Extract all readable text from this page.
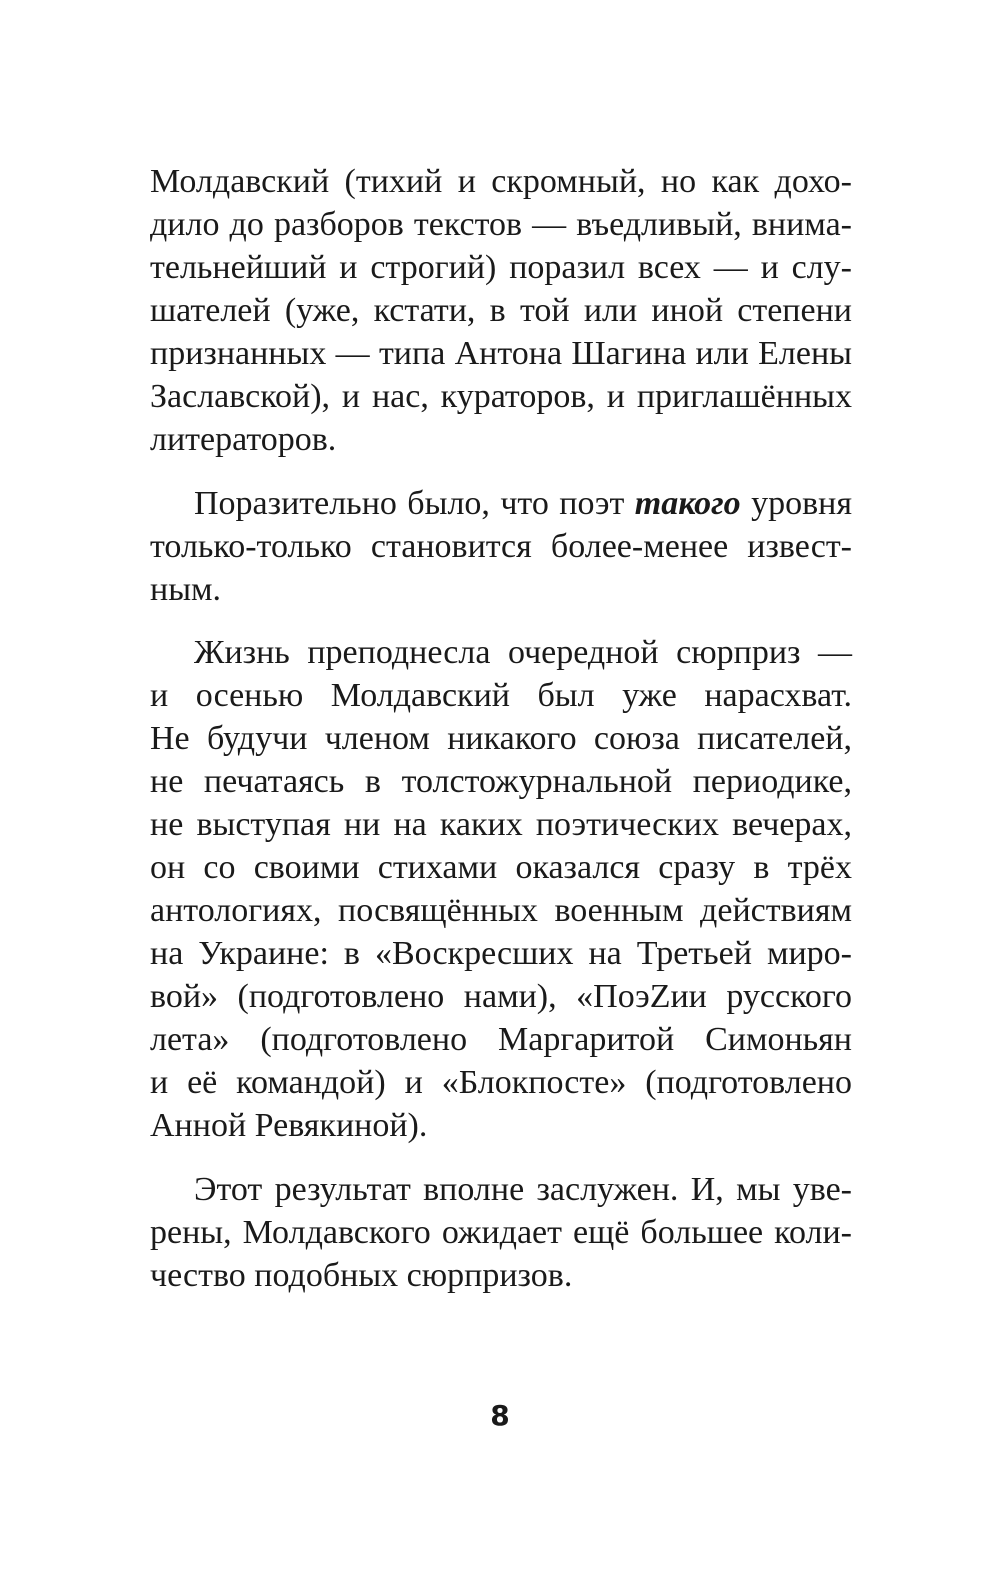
Молдавский (тихий и скромный, но как дохо-
дило до разборов текстов — въедливый, внима-
тельнейший и строгий) поразил всех — и слу-
шателей (уже, кстати, в той или иной степени
признанных — типа Антона Шагина или Елены
Заславской), и нас, кураторов, и приглашённых
литераторов.

Поразительно было, что поэт такого уровня
только-только становится более-менее извест-
ным.

Жизнь преподнесла очередной сюрприз —
и осенью Молдавский был уже нарасхват.
Не будучи членом никакого союза писателей,
не печатаясь в толстожурнальной периодике,
не выступая ни на каких поэтических вечерах,
он со своими стихами оказался сразу в трёх
антологиях, посвящённых военным действиям
на Украине: в «Воскресших на Третьей миро-
вой» (подготовлено нами), «ПоэZии русского
лета» (подготовлено Маргаритой Симоньян
и её командой) и «Блокпосте» (подготовлено
Анной Ревякиной).

Этот результат вполне заслужен. И, мы уве-
рены, Молдавского ожидает ещё большее коли-
чество подобных сюрпризов.

8
